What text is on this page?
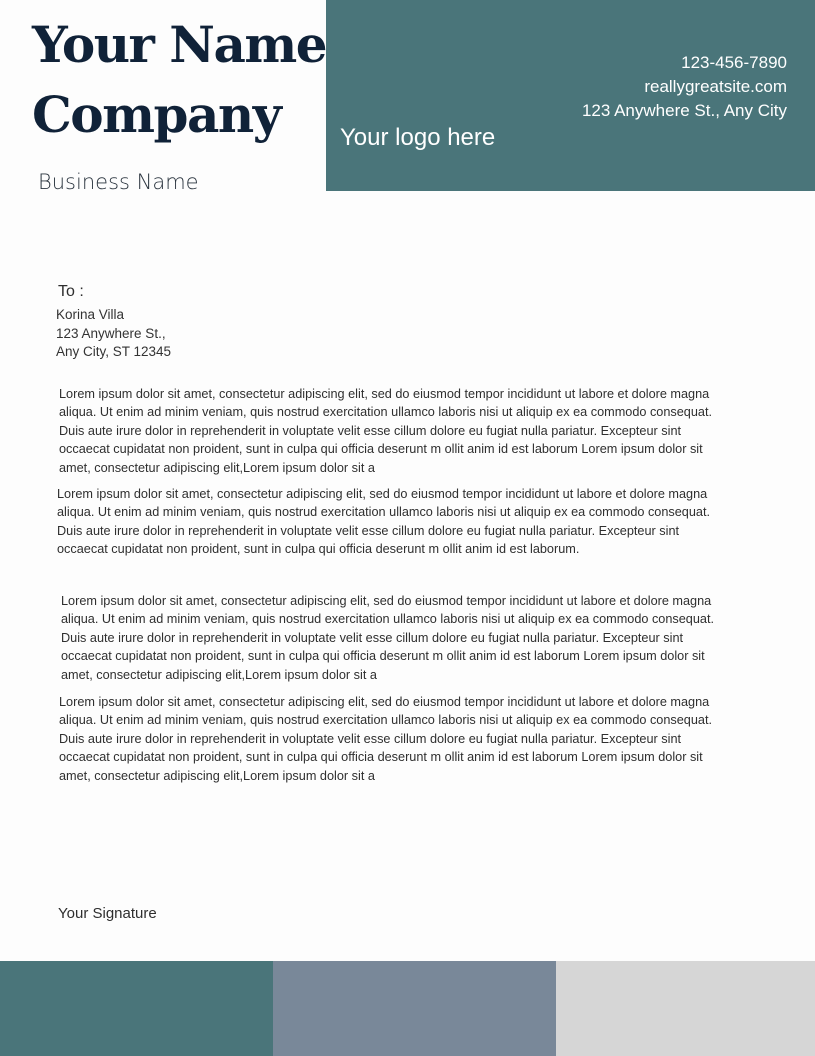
Your Name
Company
Business Name
123-456-7890
reallygreatsite.com
123 Anywhere St., Any City
Your logo here
To :
Korina Villa
123 Anywhere St.,
Any City, ST 12345

Lorem ipsum dolor sit amet, consectetur adipiscing elit, sed do eiusmod tempor incididunt ut labore et dolore magna aliqua. Ut enim ad minim veniam, quis nostrud exercitation ullamco laboris nisi ut aliquip ex ea commodo consequat. Duis aute irure dolor in reprehenderit in voluptate velit esse cillum dolore eu fugiat nulla pariatur. Excepteur sint occaecat cupidatat non proident, sunt in culpa qui officia deserunt m ollit anim id est laborum Lorem ipsum dolor sit amet, consectetur adipiscing elit,Lorem ipsum dolor sit a

Lorem ipsum dolor sit amet, consectetur adipiscing elit, sed do eiusmod tempor incididunt ut labore et dolore magna aliqua. Ut enim ad minim veniam, quis nostrud exercitation ullamco laboris nisi ut aliquip ex ea commodo consequat. Duis aute irure dolor in reprehenderit in voluptate velit esse cillum dolore eu fugiat nulla pariatur. Excepteur sint occaecat cupidatat non proident, sunt in culpa qui officia deserunt m ollit anim id est laborum.

Lorem ipsum dolor sit amet, consectetur adipiscing elit, sed do eiusmod tempor incididunt ut labore et dolore magna aliqua. Ut enim ad minim veniam, quis nostrud exercitation ullamco laboris nisi ut aliquip ex ea commodo consequat. Duis aute irure dolor in reprehenderit in voluptate velit esse cillum dolore eu fugiat nulla pariatur. Excepteur sint occaecat cupidatat non proident, sunt in culpa qui officia deserunt m ollit anim id est laborum Lorem ipsum dolor sit amet, consectetur adipiscing elit,Lorem ipsum dolor sit a

Lorem ipsum dolor sit amet, consectetur adipiscing elit, sed do eiusmod tempor incididunt ut labore et dolore magna aliqua. Ut enim ad minim veniam, quis nostrud exercitation ullamco laboris nisi ut aliquip ex ea commodo consequat. Duis aute irure dolor in reprehenderit in voluptate velit esse cillum dolore eu fugiat nulla pariatur. Excepteur sint occaecat cupidatat non proident, sunt in culpa qui officia deserunt m ollit anim id est laborum Lorem ipsum dolor sit amet, consectetur adipiscing elit,Lorem ipsum dolor sit a

Your Signature
